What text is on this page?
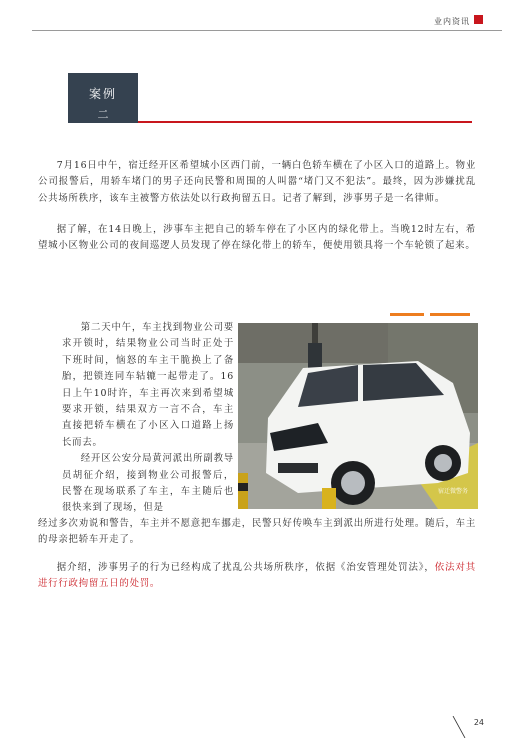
业内资讯
案例
二

7月16日中午，宿迁经开区希望城小区西门前，一辆白色轿车横在了小区入口的道路上。物业公司报警后，用轿车堵门的男子还向民警和周围的人叫嚣“堵门又不犯法”。最终，因为涉嫌扰乱公共场所秩序，该车主被警方依法处以行政拘留五日。记者了解到，涉事男子是一名律师。

据了解，在14日晚上，涉事车主把自己的轿车停在了小区内的绿化带上。当晚12时左右，希望城小区物业公司的夜间巡逻人员发现了停在绿化带上的轿车，便使用锁具将一个车轮锁了起来。

第二天中午，车主找到物业公司要求开锁时，结果物业公司当时正处于下班时间，恼怒的车主干脆换上了备胎，把锁连同车轱辘一起带走了。16日上午10时许，车主再次来到希望城要求开锁，结果双方一言不合，车主直接把轿车横在了小区入口道路上扬长而去。

经开区公安分局黄河派出所副教导员胡征介绍，接到物业公司报警后，民警在现场联系了车主，车主随后也很快来到了现场，但是

宿迁微警务

经过多次劝说和警告，车主并不愿意把车挪走，民警只好传唤车主到派出所进行处理。随后，车主的母亲把轿车开走了。

据介绍，涉事男子的行为已经构成了扰乱公共场所秩序，依据《治安管理处罚法》，依法对其进行行政拘留五日的处罚。

24
